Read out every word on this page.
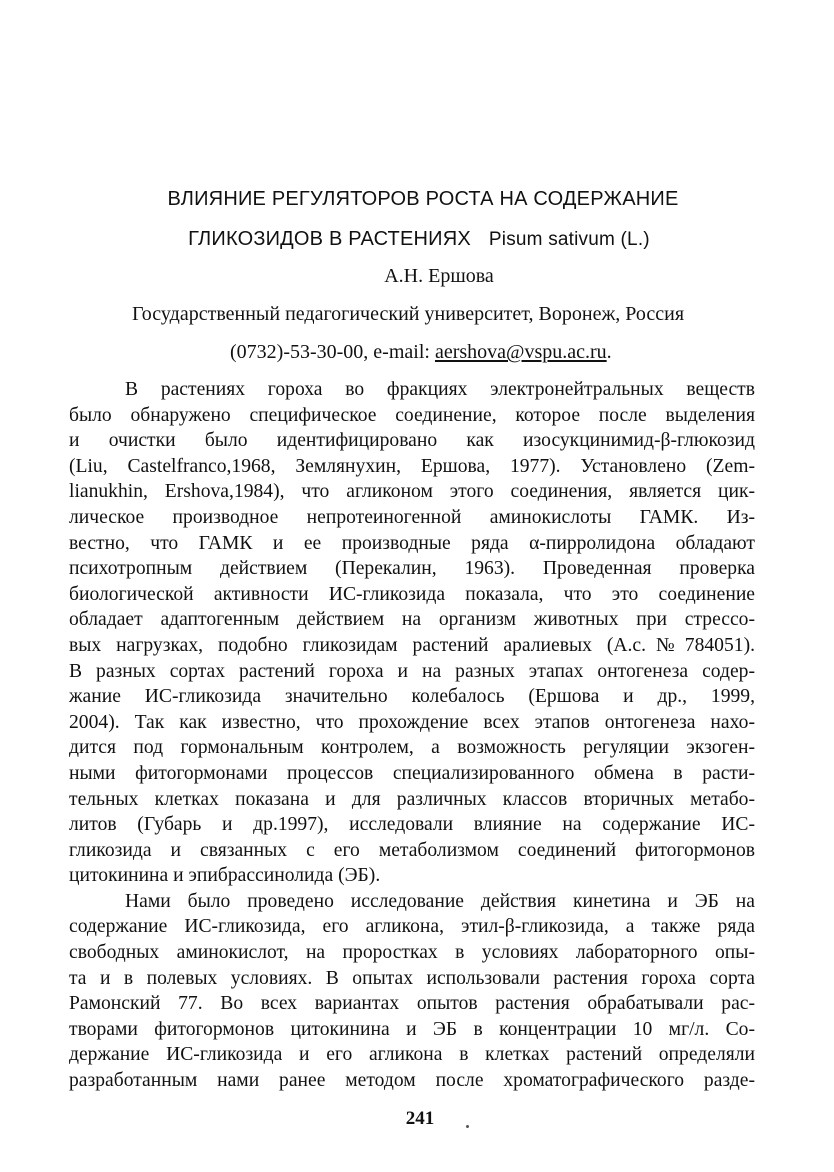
ВЛИЯНИЕ РЕГУЛЯТОРОВ РОСТА НА СОДЕРЖАНИЕ
ГЛИКОЗИДОВ В РАСТЕНИЯХ Pisum sativum (L.)
А.Н. Ершова
Государственный педагогический университет, Воронеж, Россия
(0732)-53-30-00, e-mail: aershova@vspu.ac.ru.

В растениях гороха во фракциях электронейтральных веществ
было обнаружено специфическое соединение, которое после выделения
и очистки было идентифицировано как изосукцинимид-β-глюкозид
(Liu, Castelfranco,1968, Землянухин, Ершова, 1977). Установлено (Zem-
lianukhin, Ershova,1984), что агликоном этого соединения, является цик-
лическое производное непротеиногенной аминокислоты ГАМК. Из-
вестно, что ГАМК и ее производные ряда α-пирролидона обладают
психотропным действием (Перекалин, 1963). Проведенная проверка
биологической активности ИС-гликозида показала, что это соединение
обладает адаптогенным действием на организм животных при стрессо-
вых нагрузках, подобно гликозидам растений аралиевых (А.с.№784051).
В разных сортах растений гороха и на разных этапах онтогенеза содер-
жание ИС-гликозида значительно колебалось (Ершова и др., 1999,
2004). Так как известно, что прохождение всех этапов онтогенеза нахо-
дится под гормональным контролем, а возможность регуляции экзоген-
ными фитогормонами процессов специализированного обмена в расти-
тельных клетках показана и для различных классов вторичных метабо-
литов (Губарь и др.1997), исследовали влияние на содержание ИС-
гликозида и связанных с его метаболизмом соединений фитогормонов
цитокинина и эпибрассинолида (ЭБ).

Нами было проведено исследование действия кинетина и ЭБ на
содержание ИС-гликозида, его агликона, этил-β-гликозида, а также ряда
свободных аминокислот, на проростках в условиях лабораторного опы-
та и в полевых условиях. В опытах использовали растения гороха сорта
Рамонский 77. Во всех вариантах опытов растения обрабатывали рас-
творами фитогормонов цитокинина и ЭБ в концентрации 10 мг/л. Со-
держание ИС-гликозида и его агликона в клетках растений определяли
разработанным нами ранее методом после хроматографического разде-

241
